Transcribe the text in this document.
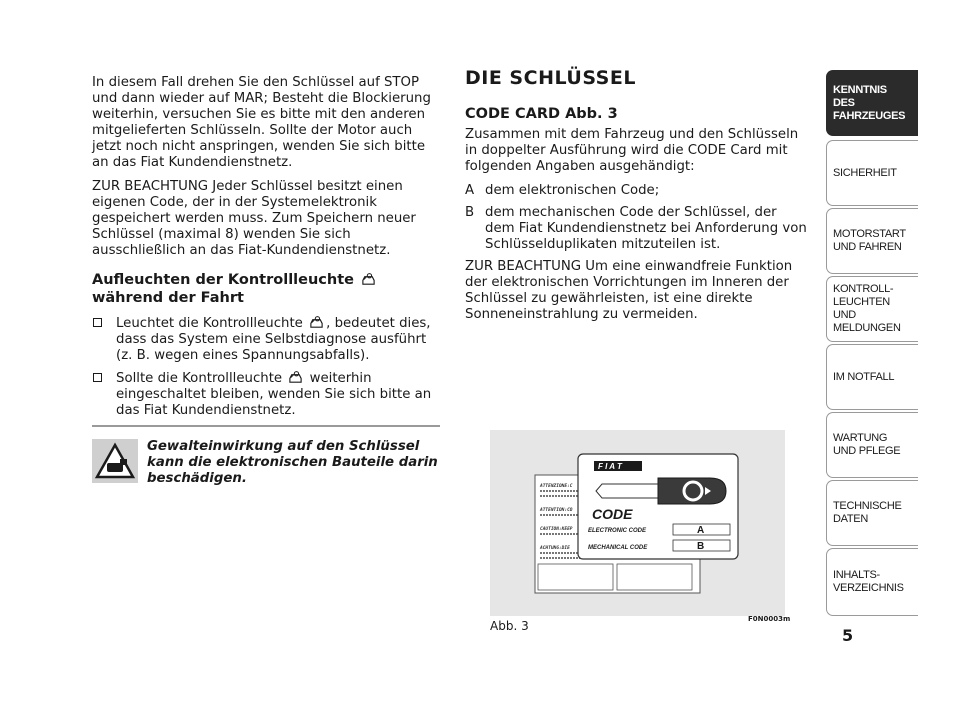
In diesem Fall drehen Sie den Schlüssel auf STOP und dann wieder auf MAR; Besteht die Blockierung weiterhin, versuchen Sie es bitte mit den anderen mitgelieferten Schlüsseln. Sollte der Motor auch jetzt noch nicht anspringen, wenden Sie sich bitte an das Fiat Kundendienstnetz.

ZUR BEACHTUNG Jeder Schlüssel besitzt einen eigenen Code, der in der Systemelektronik gespeichert werden muss. Zum Speichern neuer Schlüssel (maximal 8) wenden Sie sich ausschließlich an das Fiat-Kundendienstnetz.

Aufleuchten der Kontrollleuchte  während der Fahrt
Leuchtet die Kontrollleuchte , bedeutet dies, dass das System eine Selbstdiagnose ausführt (z. B. wegen eines Spannungsabfalls).
Sollte die Kontrollleuchte weiterhin eingeschaltet bleiben, wenden Sie sich bitte an das Fiat Kundendienstnetz.
Gewalteinwirkung auf den Schlüssel kann die elektronischen Bauteile darin beschädigen.
DIE SCHLÜSSEL
CODE CARD Abb. 3

Zusammen mit dem Fahrzeug und den Schlüsseln in doppelter Ausführung wird die CODE Card mit folgenden Angaben ausgehändigt:

A dem elektronischen Code;
B dem mechanischen Code der Schlüssel, der dem Fiat Kundendienstnetz bei Anforderung von Schlüsselduplikaten mitzuteilen ist.

ZUR BEACHTUNG Um eine einwandfreie Funktion der elektronischen Vorrichtungen im Inneren der Schlüssel zu gewährleisten, ist eine direkte Sonneneinstrahlung zu vermeiden.

ATTENZIONE:C
ATTENTION:CO
CAUTION:KEEP
ACHTUNG:DIE
F I A T
CODE
ELECTRONIC CODE	A
MECHANICAL CODE	B
Abb. 3	F0N0003m
KENNTNIS
DES FAHRZEUGES
SICHERHEIT
MOTORSTART
UND FAHREN
KONTROLL-
LEUCHTEN
UND MELDUNGEN
IM NOTFALL
WARTUNG
UND PFLEGE
TECHNISCHE
DATEN
INHALTS-
VERZEICHNIS
5
